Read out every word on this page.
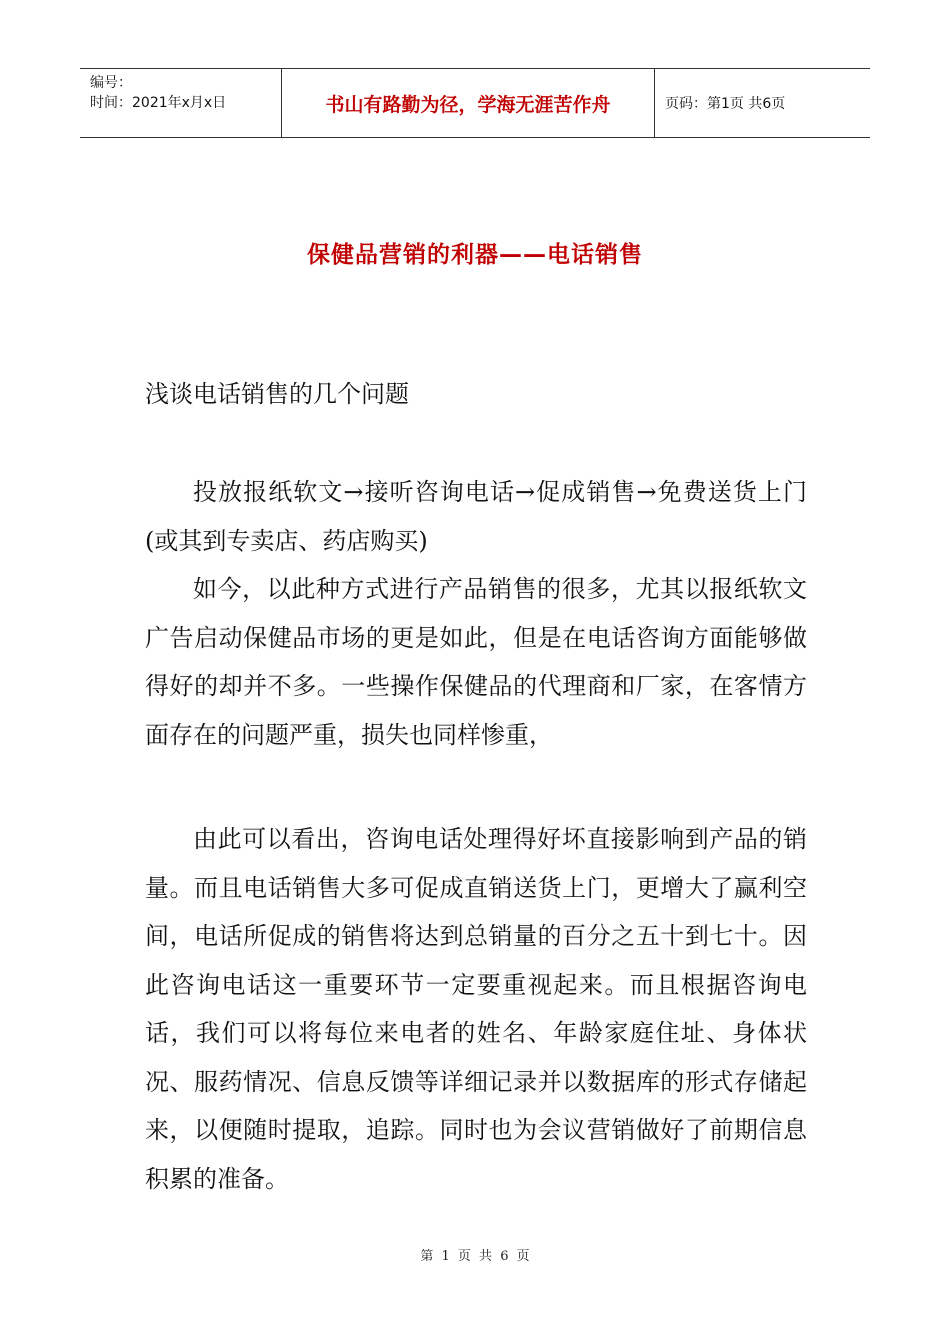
编号：
时间：2021年x月x日	书山有路勤为径，学海无涯苦作舟	页码：第1页 共6页
保健品营销的利器——电话销售
浅谈电话销售的几个问题

投放报纸软文→接听咨询电话→促成销售→免费送货上门(或其到专卖店、药店购买)

如今，以此种方式进行产品销售的很多，尤其以报纸软文广告启动保健品市场的更是如此，但是在电话咨询方面能够做得好的却并不多。一些操作保健品的代理商和厂家，在客情方面存在的问题严重，损失也同样惨重，

由此可以看出，咨询电话处理得好坏直接影响到产品的销量。而且电话销售大多可促成直销送货上门，更增大了赢利空间，电话所促成的销售将达到总销量的百分之五十到七十。因此咨询电话这一重要环节一定要重视起来。而且根据咨询电话，我们可以将每位来电者的姓名、年龄家庭住址、身体状况、服药情况、信息反馈等详细记录并以数据库的形式存储起来，以便随时提取，追踪。同时也为会议营销做好了前期信息积累的准备。

第 1 页 共 6 页
